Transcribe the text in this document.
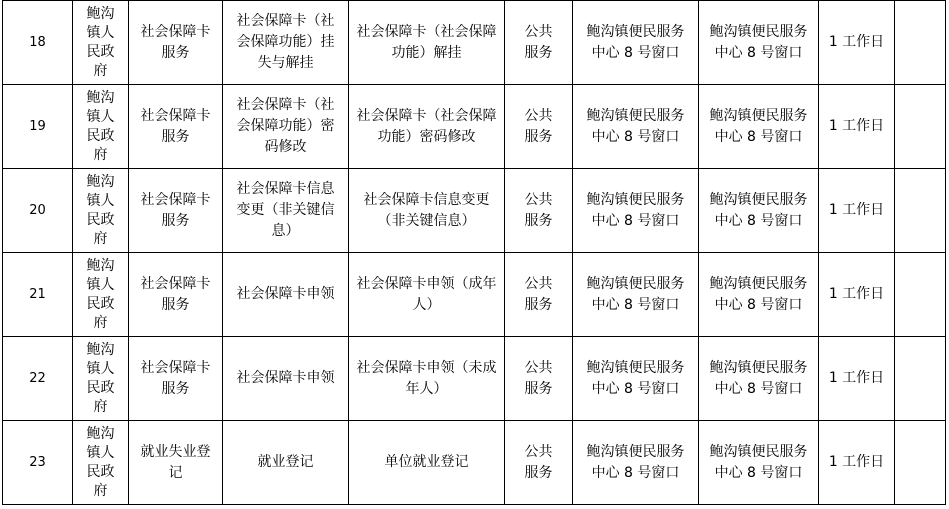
18	鲍沟镇人民政府	社会保障卡服务	社会保障卡（社会保障功能）挂失与解挂	社会保障卡（社会保障功能）解挂	公共服务	鲍沟镇便民服务中心 8 号窗口	鲍沟镇便民服务中心 8 号窗口	1 工作日	
19	鲍沟镇人民政府	社会保障卡服务	社会保障卡（社会保障功能）密码修改	社会保障卡（社会保障功能）密码修改	公共服务	鲍沟镇便民服务中心 8 号窗口	鲍沟镇便民服务中心 8 号窗口	1 工作日	
20	鲍沟镇人民政府	社会保障卡服务	社会保障卡信息变更（非关键信息）	社会保障卡信息变更（非关键信息）	公共服务	鲍沟镇便民服务中心 8 号窗口	鲍沟镇便民服务中心 8 号窗口	1 工作日	
21	鲍沟镇人民政府	社会保障卡服务	社会保障卡申领	社会保障卡申领（成年人）	公共服务	鲍沟镇便民服务中心 8 号窗口	鲍沟镇便民服务中心 8 号窗口	1 工作日	
22	鲍沟镇人民政府	社会保障卡服务	社会保障卡申领	社会保障卡申领（未成年人）	公共服务	鲍沟镇便民服务中心 8 号窗口	鲍沟镇便民服务中心 8 号窗口	1 工作日	
23	鲍沟镇人民政府	就业失业登记	就业登记	单位就业登记	公共服务	鲍沟镇便民服务中心 8 号窗口	鲍沟镇便民服务中心 8 号窗口	1 工作日	
